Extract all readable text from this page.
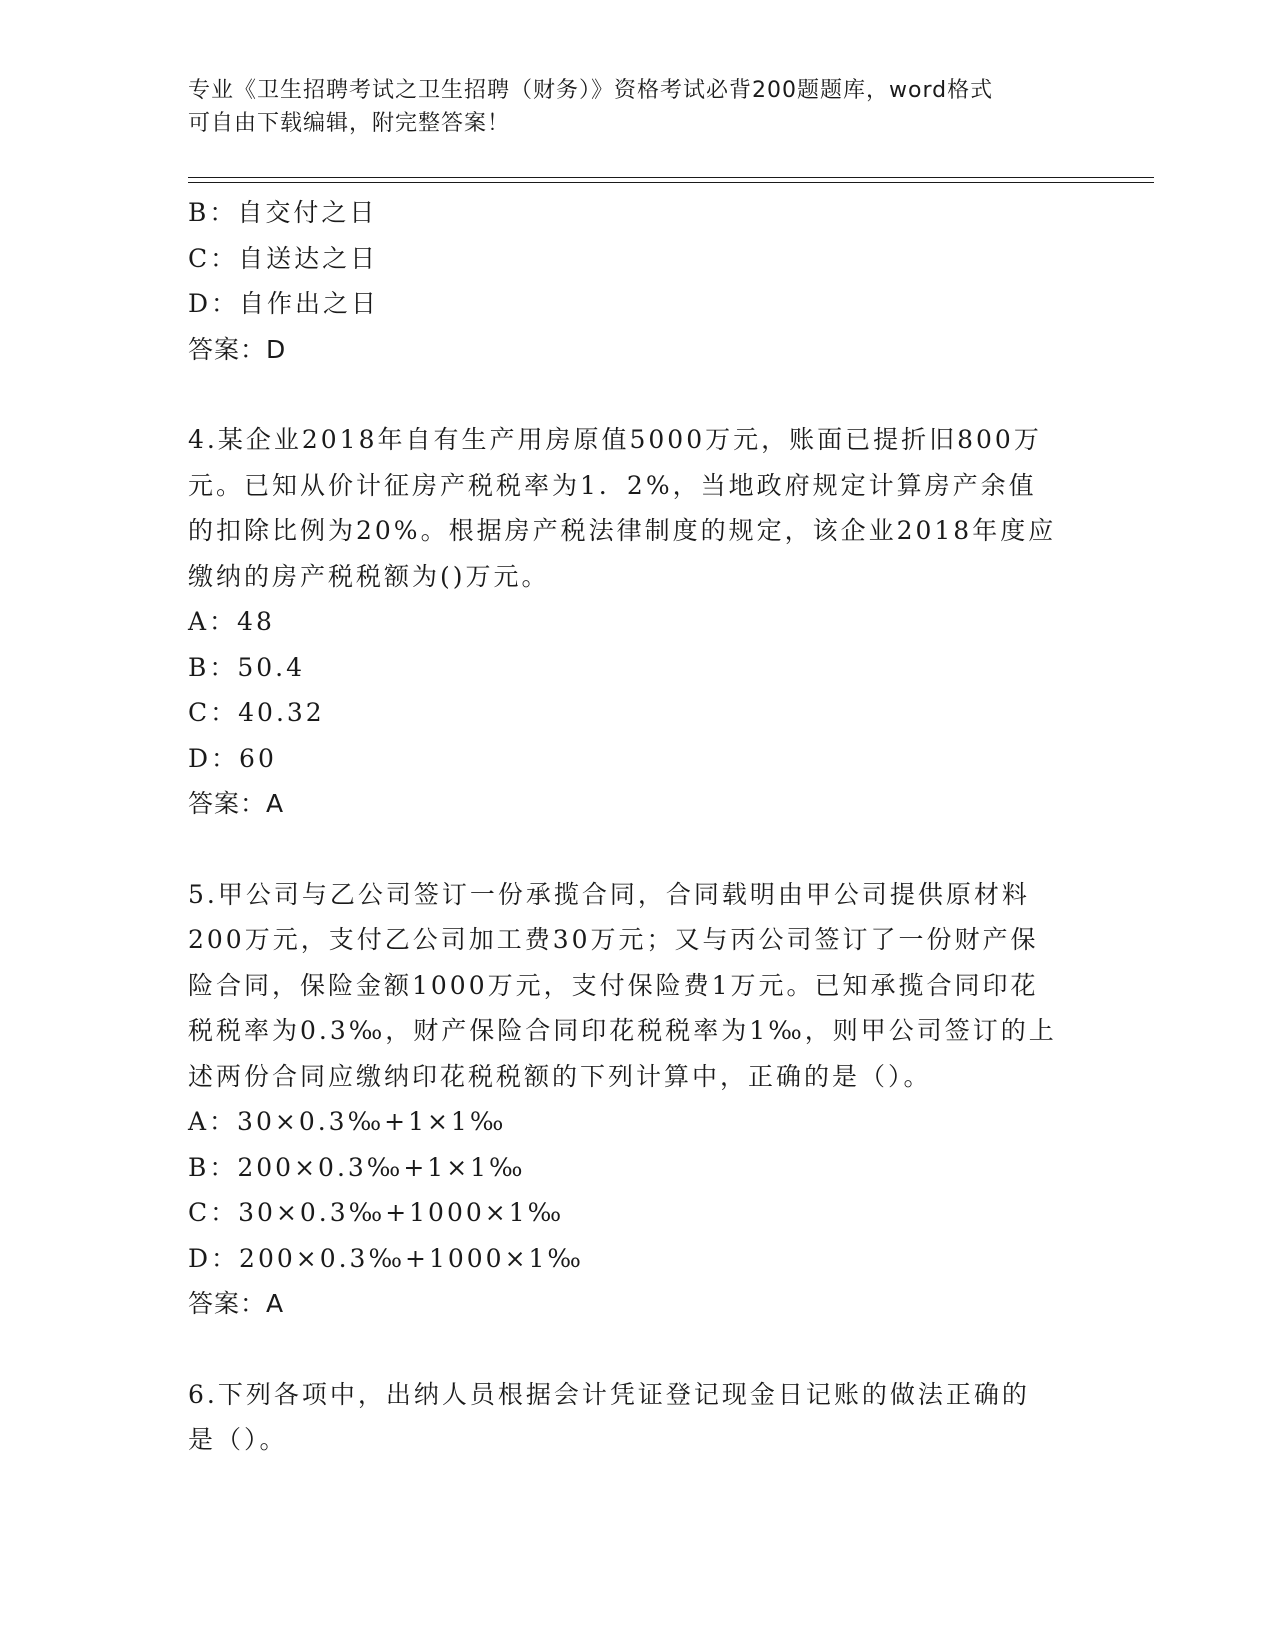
专业《卫生招聘考试之卫生招聘（财务）》资格考试必背200题题库，word格式
可自由下载编辑，附完整答案！
B：自交付之日
C：自送达之日
D：自作出之日
答案：D
4.某企业2018年自有生产用房原值5000万元，账面已提折旧800万
元。已知从价计征房产税税率为1．2%，当地政府规定计算房产余值
的扣除比例为20%。根据房产税法律制度的规定，该企业2018年度应
缴纳的房产税税额为()万元。
A：48
B：50.4
C：40.32
D：60
答案：A
5.甲公司与乙公司签订一份承揽合同，合同载明由甲公司提供原材料
200万元，支付乙公司加工费30万元；又与丙公司签订了一份财产保
险合同，保险金额1000万元，支付保险费1万元。已知承揽合同印花
税税率为0.3‰，财产保险合同印花税税率为1‰，则甲公司签订的上
述两份合同应缴纳印花税税额的下列计算中，正确的是（）。
A：30×0.3‰+1×1‰
B：200×0.3‰+1×1‰
C：30×0.3‰+1000×1‰
D：200×0.3‰+1000×1‰
答案：A
6.下列各项中，出纳人员根据会计凭证登记现金日记账的做法正确的
是（）。
